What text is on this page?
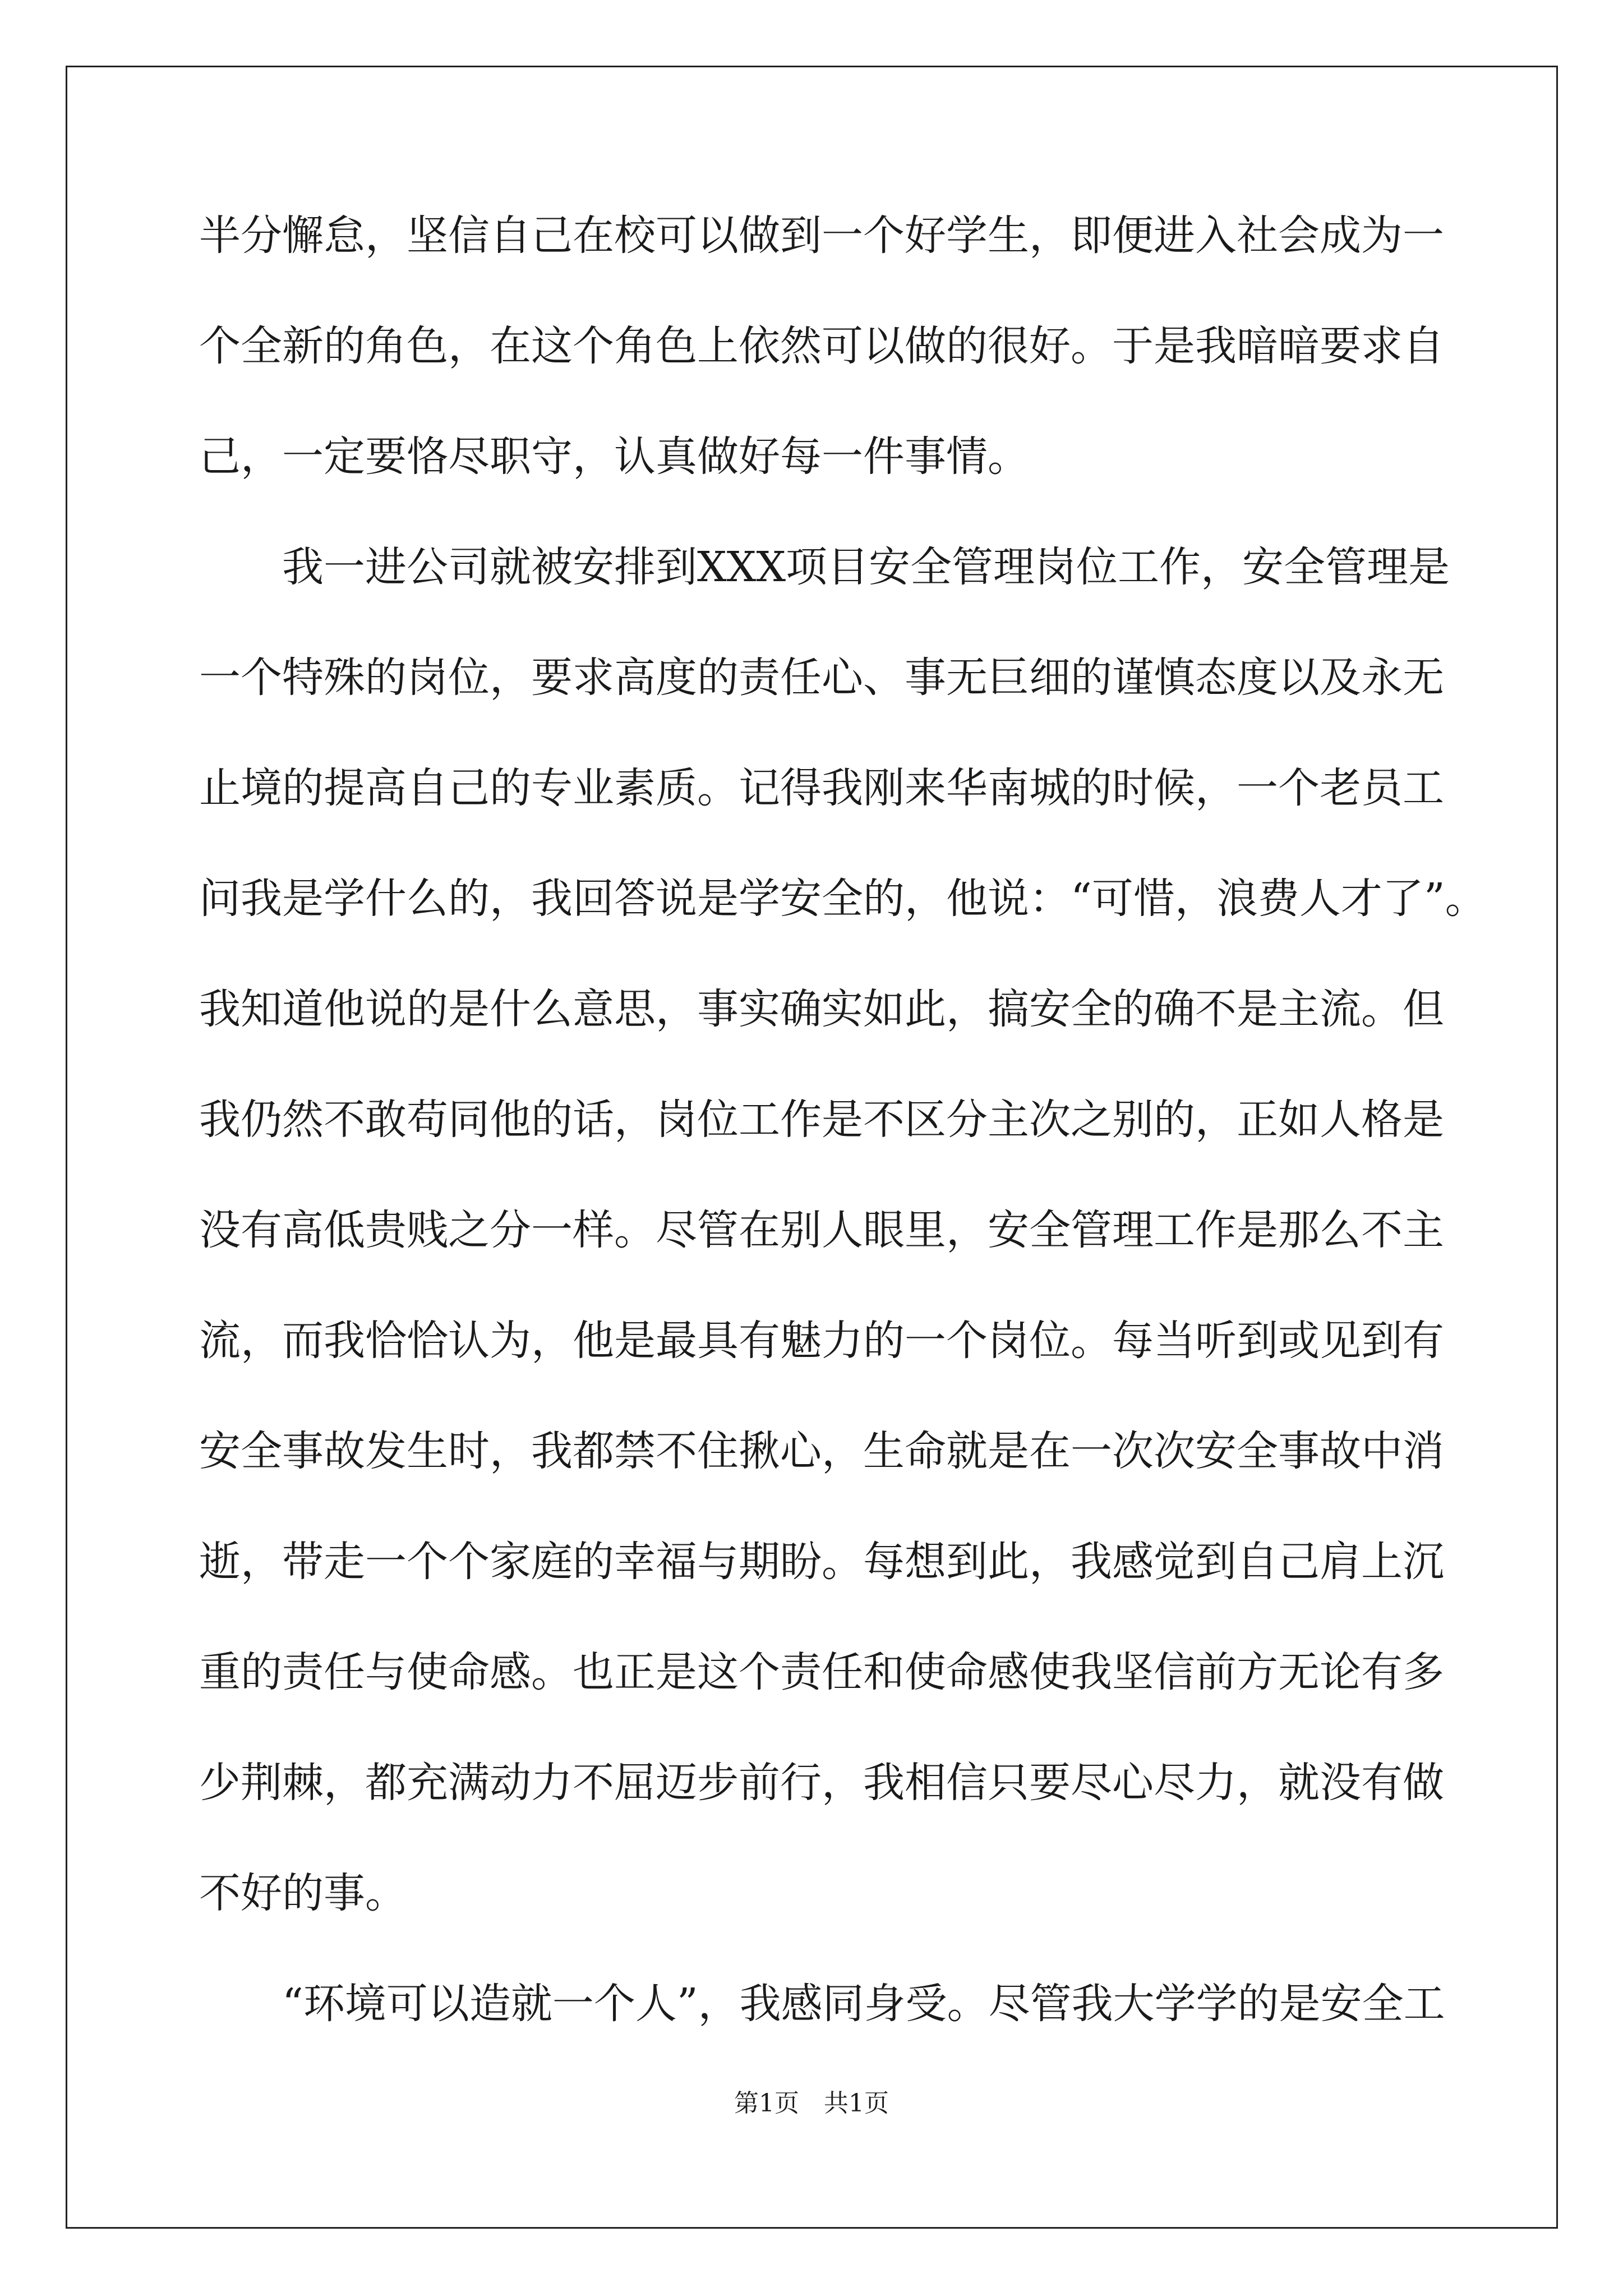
半分懈怠，坚信自己在校可以做到一个好学生，即便进入社会成为一
个全新的角色，在这个角色上依然可以做的很好。于是我暗暗要求自
己，一定要恪尽职守，认真做好每一件事情。
我一进公司就被安排到XXX项目安全管理岗位工作，安全管理是
一个特殊的岗位，要求高度的责任心、事无巨细的谨慎态度以及永无
止境的提高自己的专业素质。记得我刚来华南城的时候，一个老员工
问我是学什么的，我回答说是学安全的，他说：“可惜，浪费人才了”。
我知道他说的是什么意思，事实确实如此，搞安全的确不是主流。但
我仍然不敢苟同他的话，岗位工作是不区分主次之别的，正如人格是
没有高低贵贱之分一样。尽管在别人眼里，安全管理工作是那么不主
流，而我恰恰认为，他是最具有魅力的一个岗位。每当听到或见到有
安全事故发生时，我都禁不住揪心，生命就是在一次次安全事故中消
逝，带走一个个家庭的幸福与期盼。每想到此，我感觉到自己肩上沉
重的责任与使命感。也正是这个责任和使命感使我坚信前方无论有多
少荆棘，都充满动力不屈迈步前行，我相信只要尽心尽力，就没有做
不好的事。
“环境可以造就一个人”，我感同身受。尽管我大学学的是安全工
第1页　共1页
